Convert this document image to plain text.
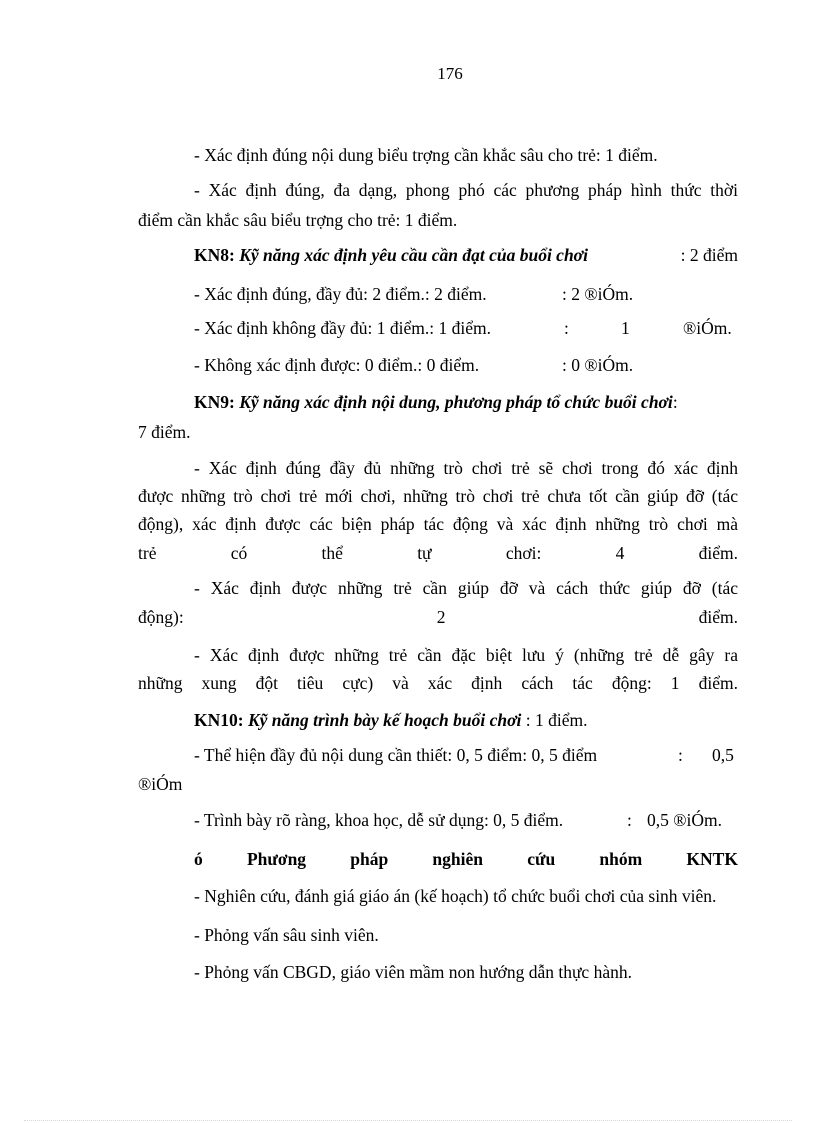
176
- Xác định đúng nội dung biểu trợng cần khắc sâu cho trẻ: 1 điểm.
- Xác định đúng, đa dạng, phong phó các phương pháp hình thức thời
điểm cần khắc sâu biểu trợng cho trẻ: 1 điểm.
KN8: Kỹ năng xác định yêu cầu cần đạt của buổi chơi	: 2 điểm
- Xác định đúng, đầy đủ: 2 điểm.: 2 điểm.	: 2 ®iÓm.
- Xác định không đầy đủ: 1 điểm.: 1 điểm.	:	1	®iÓm.
- Không xác định được: 0 điểm.: 0 điểm.	: 0 ®iÓm.
KN9: Kỹ năng xác định nội dung, phương pháp tổ chức buổi chơi:
7 điểm.
- Xác định đúng đầy đủ những trò chơi trẻ sẽ chơi trong đó xác định
được những trò chơi trẻ mới chơi, những trò chơi trẻ chưa tốt cần giúp đỡ (tác
động), xác định được các biện pháp tác động và xác định những trò chơi mà
trẻ	có	thể	tự	chơi:	4	điểm.
- Xác định được những trẻ cần giúp đỡ và cách thức giúp đỡ (tác
động):	2	điểm.
- Xác định được những trẻ cần đặc biệt lưu ý (những trẻ dễ gây ra
những xung đột tiêu cực) và xác định cách tác động: 1 điểm.
KN10: Kỹ năng trình bày kế hoạch buổi chơi : 1 điểm.
- Thể hiện đầy đủ nội dung cần thiết: 0, 5 điểm: 0, 5 điểm	: 0,5
®iÓm
- Trình bày rõ ràng, khoa học, dễ sử dụng: 0, 5 điểm.	: 0,5 ®iÓm.
ó	Phương	pháp	nghiên	cứu	nhóm	KNTK
- Nghiên cứu, đánh giá giáo án (kế hoạch) tổ chức buổi chơi của sinh viên.
- Phỏng vấn sâu sinh viên.
- Phỏng vấn CBGD, giáo viên mầm non hướng dẫn thực hành.
